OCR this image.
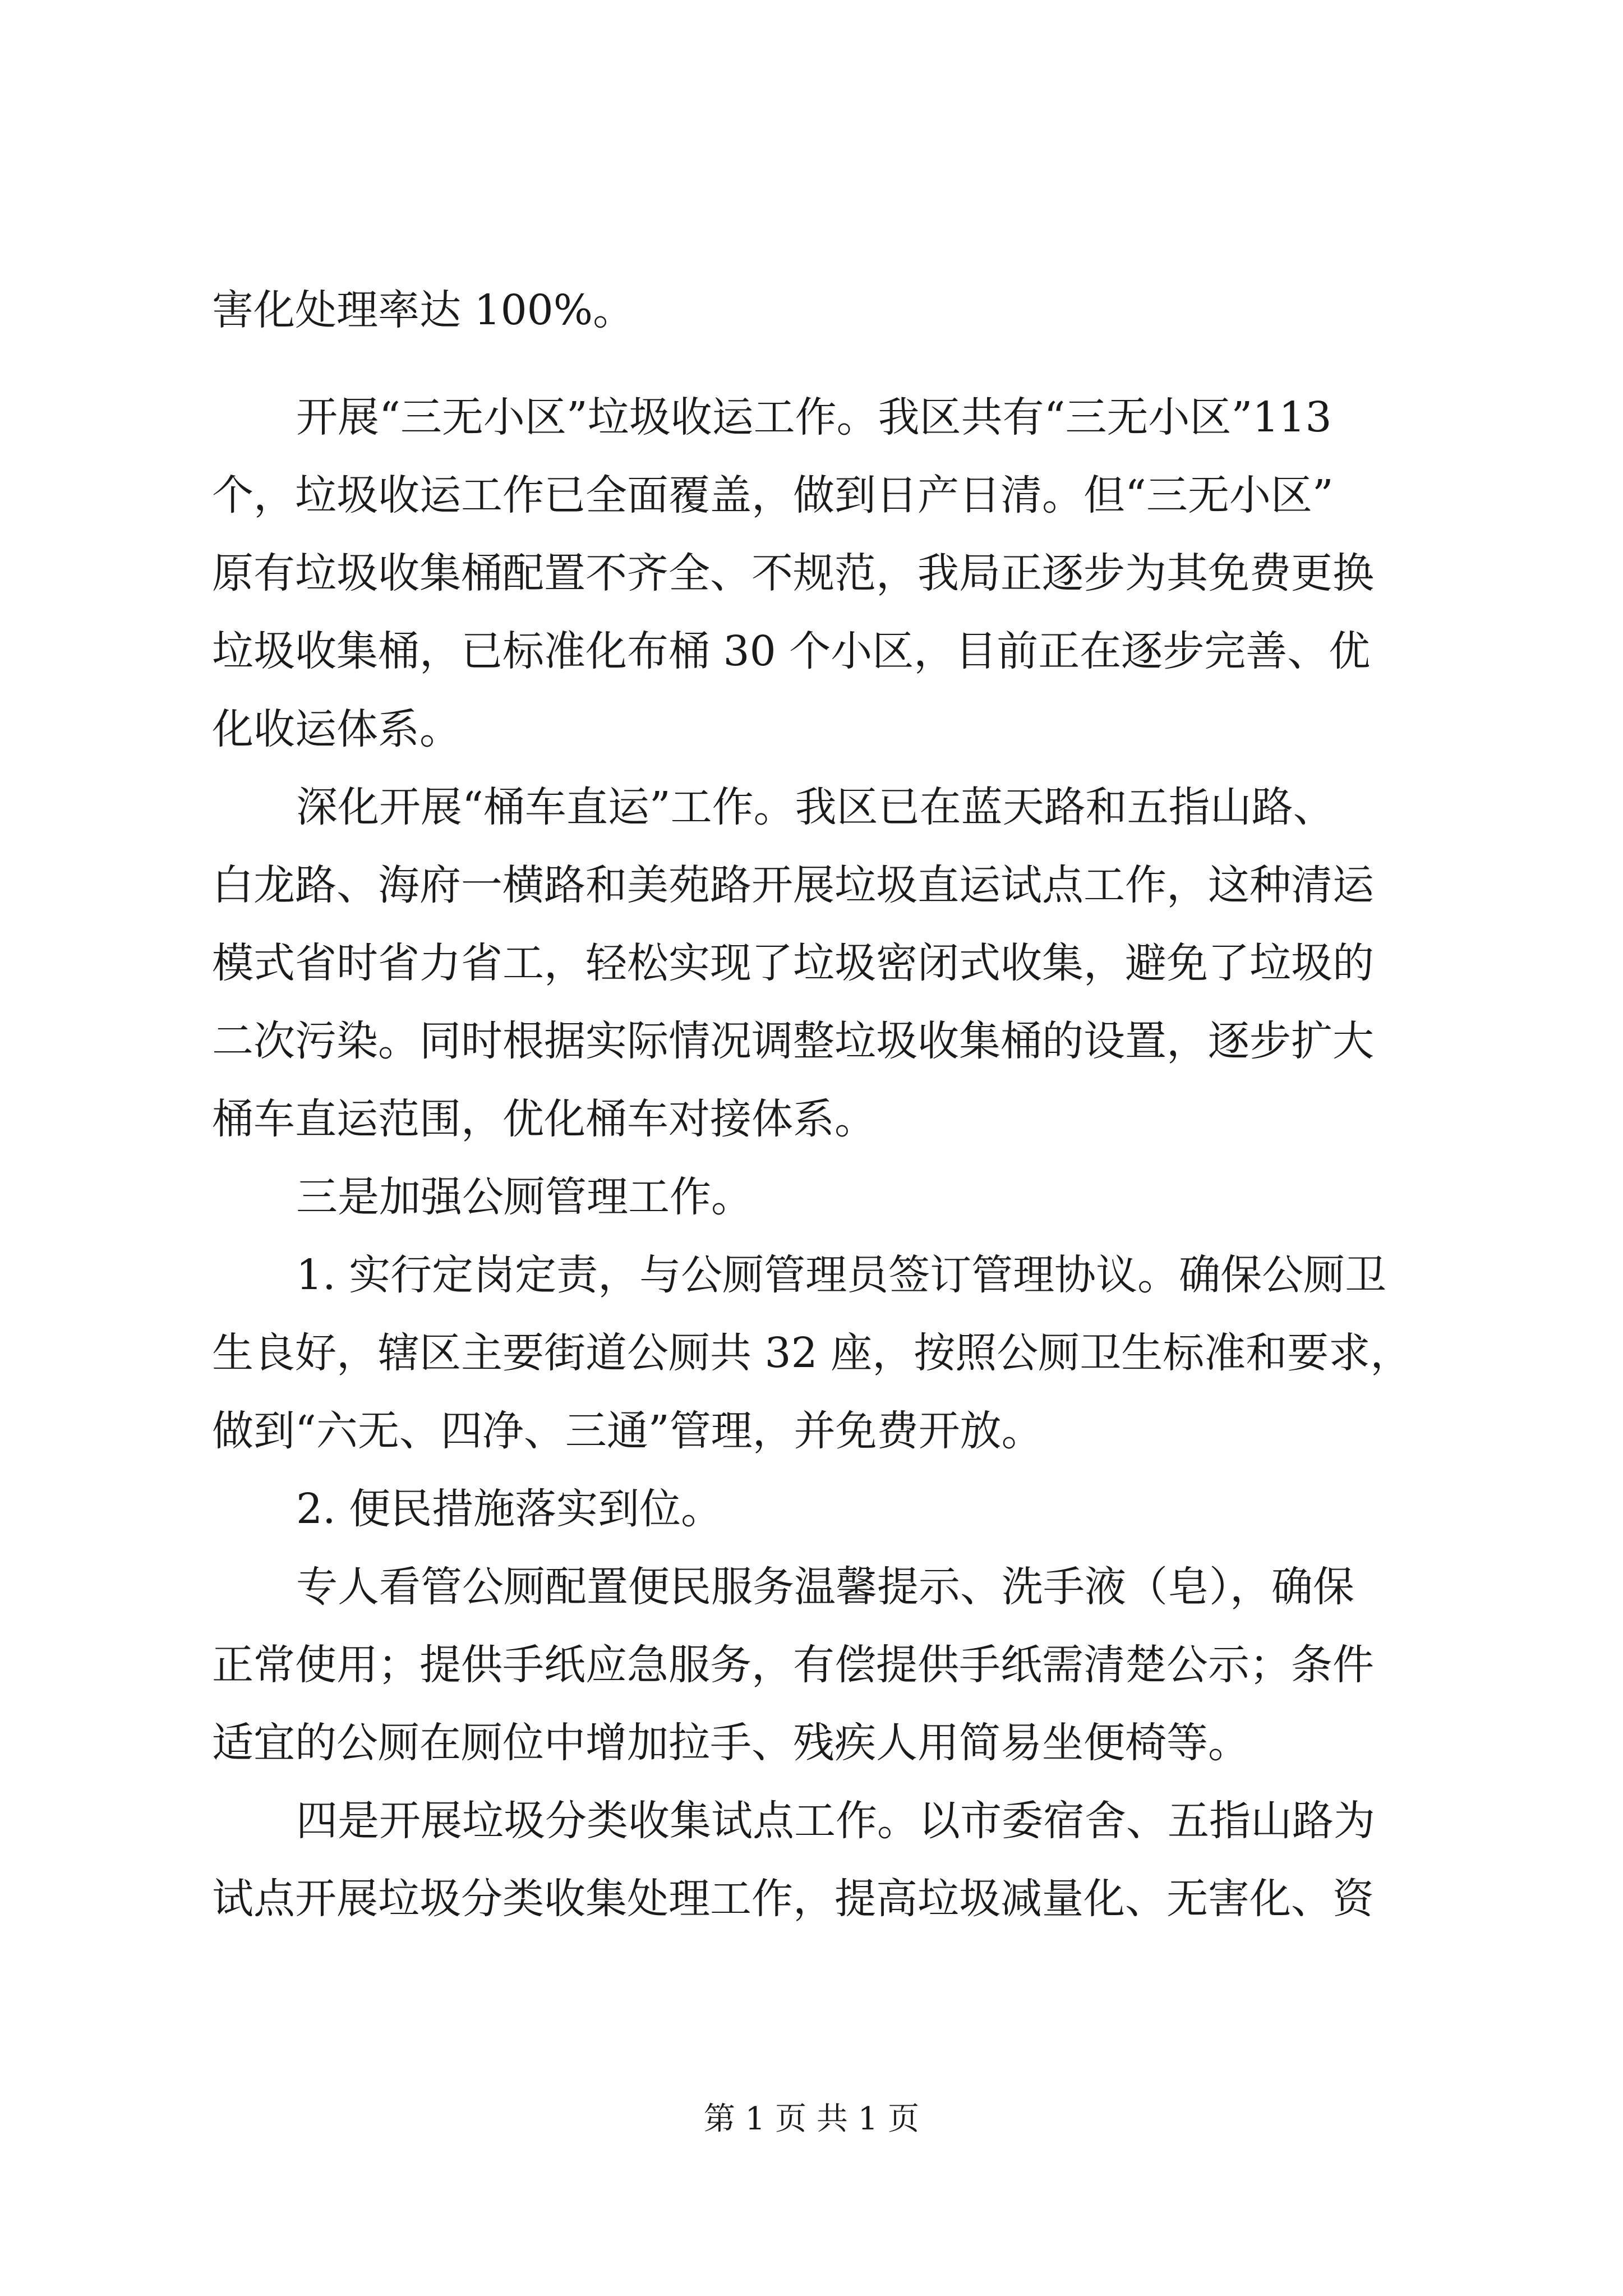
害化处理率达 100%。
开展“三无小区”垃圾收运工作。我区共有“三无小区”113
个，垃圾收运工作已全面覆盖，做到日产日清。但“三无小区”
原有垃圾收集桶配置不齐全、不规范，我局正逐步为其免费更换
垃圾收集桶，已标准化布桶 30 个小区，目前正在逐步完善、优
化收运体系。
深化开展“桶车直运”工作。我区已在蓝天路和五指山路、
白龙路、海府一横路和美苑路开展垃圾直运试点工作，这种清运
模式省时省力省工，轻松实现了垃圾密闭式收集，避免了垃圾的
二次污染。同时根据实际情况调整垃圾收集桶的设置，逐步扩大
桶车直运范围，优化桶车对接体系。
三是加强公厕管理工作。
1. 实行定岗定责，与公厕管理员签订管理协议。确保公厕卫
生良好，辖区主要街道公厕共 32 座，按照公厕卫生标准和要求，
做到“六无、四净、三通”管理，并免费开放。
2. 便民措施落实到位。
专人看管公厕配置便民服务温馨提示、洗手液（皂），确保
正常使用；提供手纸应急服务，有偿提供手纸需清楚公示；条件
适宜的公厕在厕位中增加拉手、残疾人用简易坐便椅等。
四是开展垃圾分类收集试点工作。以市委宿舍、五指山路为
试点开展垃圾分类收集处理工作，提高垃圾减量化、无害化、资
第 1 页 共 1 页
